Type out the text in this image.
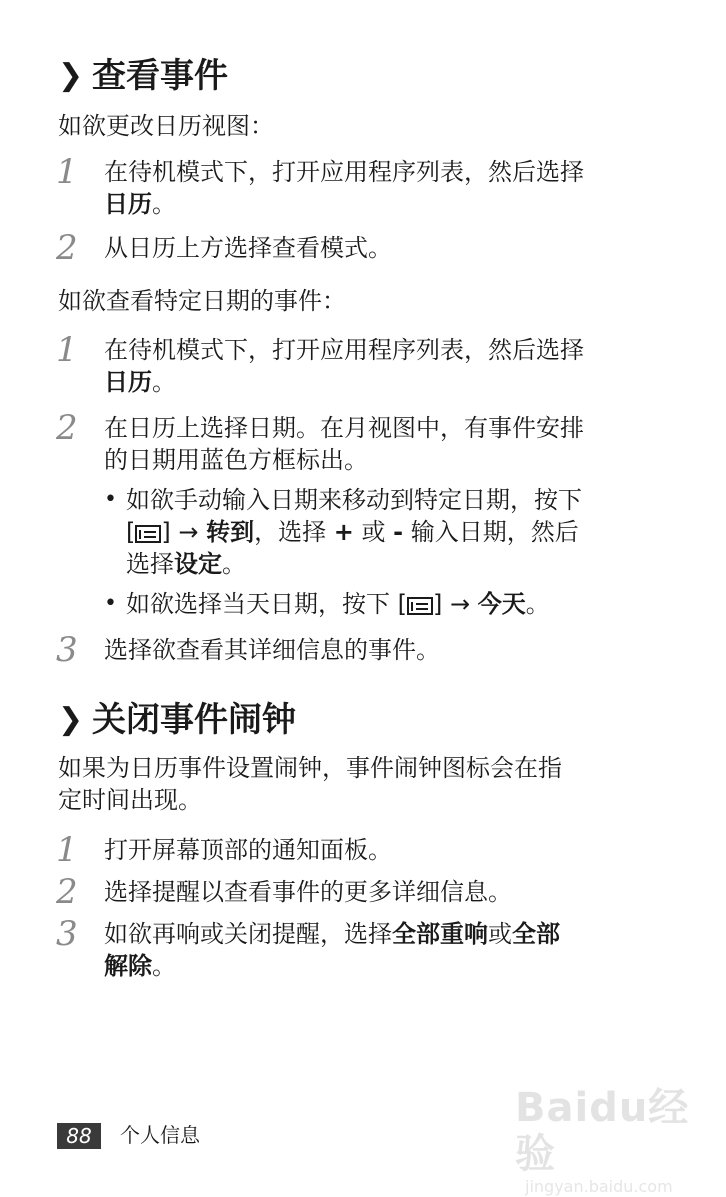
❯ 查看事件
如欲更改日历视图：
1 在待机模式下，打开应用程序列表，然后选择
日历。
2 从日历上方选择查看模式。
如欲查看特定日期的事件：
1 在待机模式下，打开应用程序列表，然后选择
日历。
2 在日历上选择日期。在月视图中，有事件安排
的日期用蓝色方框标出。
• 如欲手动输入日期来移动到特定日期，按下
[ ] → 转到，选择 + 或 - 输入日期，然后
选择设定。
• 如欲选择当天日期，按下 [ ] → 今天。
3 选择欲查看其详细信息的事件。
❯ 关闭事件闹钟
如果为日历事件设置闹钟，事件闹钟图标会在指
定时间出现。
1 打开屏幕顶部的通知面板。
2 选择提醒以查看事件的更多详细信息。
3 如欲再响或关闭提醒，选择全部重响或全部
解除。
88	个人信息
Baidu经验
jingyan.baidu.com
